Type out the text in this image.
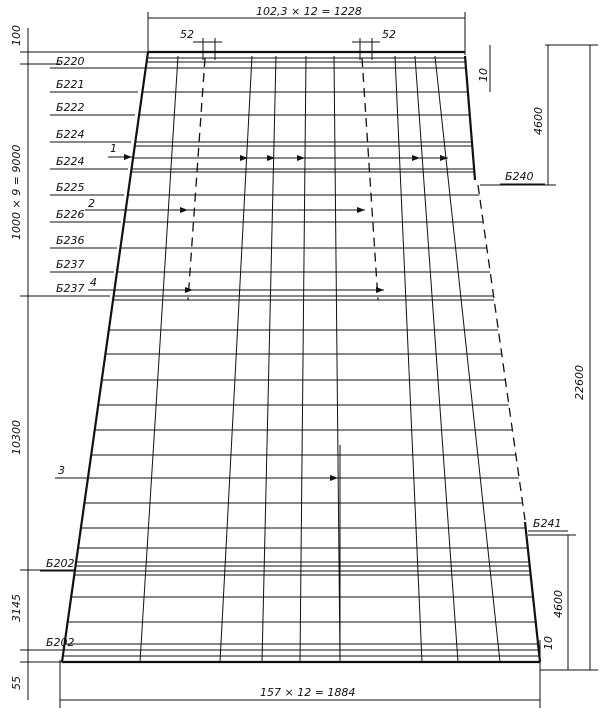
102,3 × 12 = 1228
52	52
157 × 12 = 1884
100
1000 × 9 = 9000
10300
3145
55
22600
4600
4600
10
10
Б220
Б221
Б222
Б224
Б224
Б225
Б226
Б236
Б237
Б237
Б202
Б202
Б240
Б241
1
2
4
3
